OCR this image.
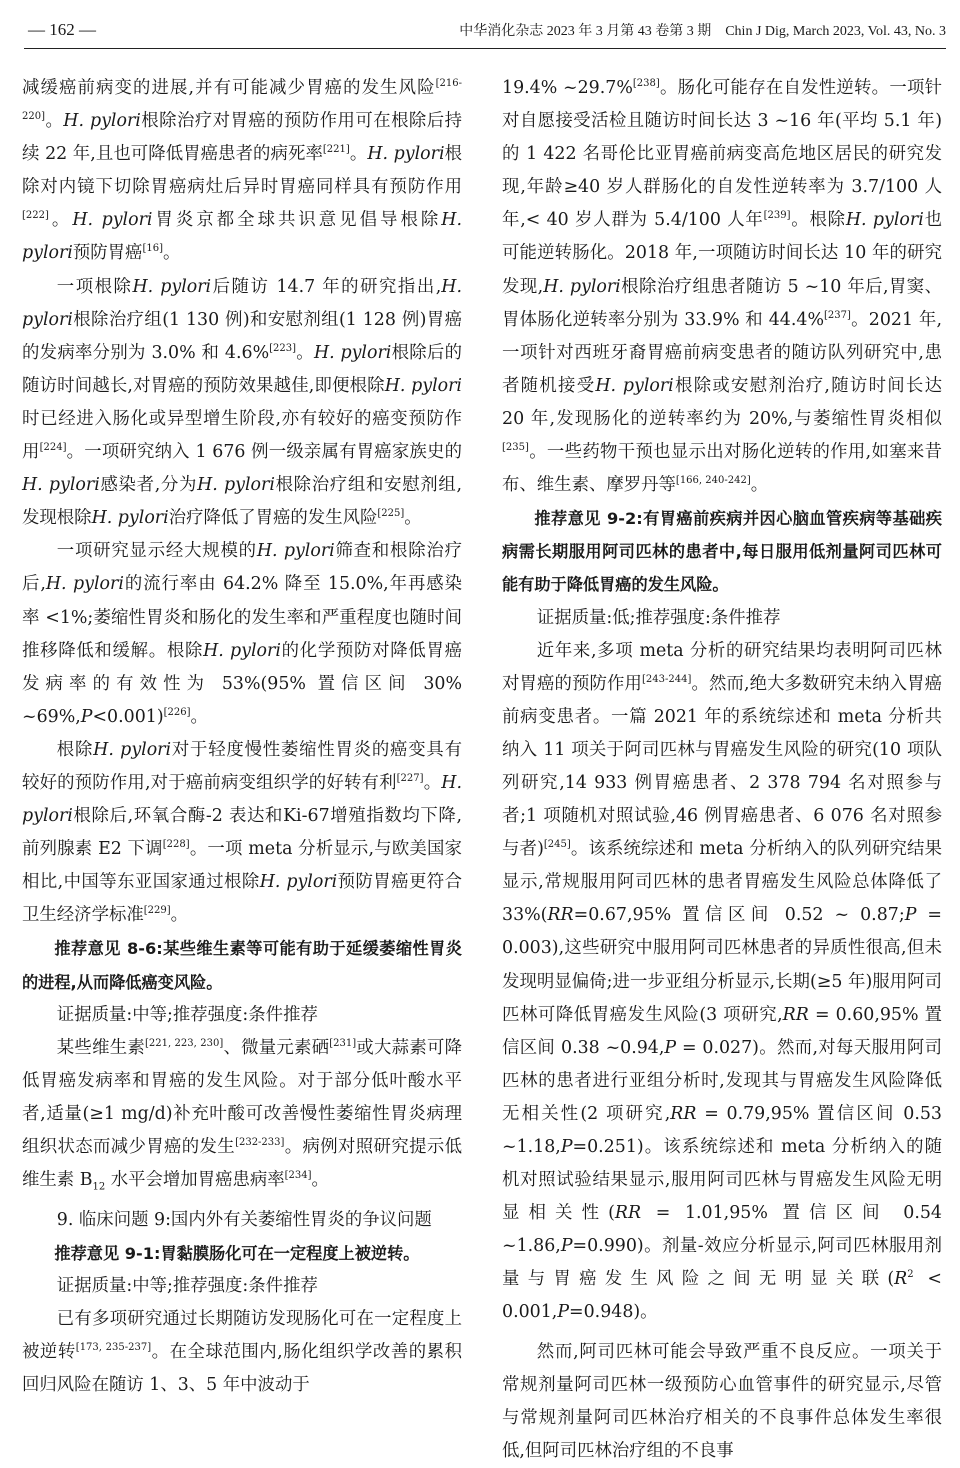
— 162 —	中华消化杂志 2023 年 3 月第 43 卷第 3 期　Chin J Dig, March 2023, Vol. 43, No. 3

减缓癌前病变的进展,并有可能减少胃癌的发生风险[216-220]。H. pylori根除治疗对胃癌的预防作用可在根除后持续 22 年,且也可降低胃癌患者的病死率[221]。H. pylori根除对内镜下切除胃癌病灶后异时胃癌同样具有预防作用[222]。H. pylori胃炎京都全球共识意见倡导根除H. pylori预防胃癌[16]。

一项根除H. pylori后随访 14.7 年的研究指出,H. pylori根除治疗组(1 130 例)和安慰剂组(1 128 例)胃癌的发病率分别为 3.0% 和 4.6%[223]。H. pylori根除后的随访时间越长,对胃癌的预防效果越佳,即便根除H. pylori时已经进入肠化或异型增生阶段,亦有较好的癌变预防作用[224]。一项研究纳入 1 676 例一级亲属有胃癌家族史的H. pylori感染者,分为H. pylori根除治疗组和安慰剂组,发现根除H. pylori治疗降低了胃癌的发生风险[225]。

一项研究显示经大规模的H. pylori筛查和根除治疗后,H. pylori的流行率由 64.2% 降至 15.0%,年再感染率 <1%;萎缩性胃炎和肠化的发生率和严重程度也随时间推移降低和缓解。根除H. pylori的化学预防对降低胃癌发病率的有效性为 53%(95% 置信区间 30% ~69%,P<0.001)[226]。

根除H. pylori对于轻度慢性萎缩性胃炎的癌变具有较好的预防作用,对于癌前病变组织学的好转有利[227]。H. pylori根除后,环氧合酶-2 表达和Ki-67增殖指数均下降,前列腺素 E2 下调[228]。一项 meta 分析显示,与欧美国家相比,中国等东亚国家通过根除H. pylori预防胃癌更符合卫生经济学标准[229]。

推荐意见 8-6:某些维生素等可能有助于延缓萎缩性胃炎的进程,从而降低癌变风险。

证据质量:中等;推荐强度:条件推荐

某些维生素[221, 223, 230]、微量元素硒[231]或大蒜素可降低胃癌发病率和胃癌的发生风险。对于部分低叶酸水平者,适量(≥1 mg/d)补充叶酸可改善慢性萎缩性胃炎病理组织状态而减少胃癌的发生[232-233]。病例对照研究提示低维生素 $B_{12}$ 水平会增加胃癌患病率[234]。

9. 临床问题 9:国内外有关萎缩性胃炎的争议问题

推荐意见 9-1:胃黏膜肠化可在一定程度上被逆转。

证据质量:中等;推荐强度:条件推荐

已有多项研究通过长期随访发现肠化可在一定程度上被逆转[173, 235-237]。在全球范围内,肠化组织学改善的累积回归风险在随访 1、3、5 年中波动于

19.4% ~29.7%[238]。肠化可能存在自发性逆转。一项针对自愿接受活检且随访时间长达 3 ~16 年(平均 5.1 年)的 1 422 名哥伦比亚胃癌前病变高危地区居民的研究发现,年龄≥40 岁人群肠化的自发性逆转率为 3.7/100 人年,< 40 岁人群为 5.4/100 人年[239]。根除H. pylori也可能逆转肠化。2018 年,一项随访时间长达 10 年的研究发现,H. pylori根除治疗组患者随访 5 ~10 年后,胃窦、胃体肠化逆转率分别为 33.9% 和 44.4%[237]。2021 年,一项针对西班牙裔胃癌前病变患者的随访队列研究中,患者随机接受H. pylori根除或安慰剂治疗,随访时间长达 20 年,发现肠化的逆转率约为 20%,与萎缩性胃炎相似[235]。一些药物干预也显示出对肠化逆转的作用,如塞来昔布、维生素、摩罗丹等[166, 240-242]。

推荐意见 9-2:有胃癌前疾病并因心脑血管疾病等基础疾病需长期服用阿司匹林的患者中,每日服用低剂量阿司匹林可能有助于降低胃癌的发生风险。

证据质量:低;推荐强度:条件推荐

近年来,多项 meta 分析的研究结果均表明阿司匹林对胃癌的预防作用[243-244]。然而,绝大多数研究未纳入胃癌前病变患者。一篇 2021 年的系统综述和 meta 分析共纳入 11 项关于阿司匹林与胃癌发生风险的研究(10 项队列研究,14 933 例胃癌患者、2 378 794 名对照参与者;1 项随机对照试验,46 例胃癌患者、6 076 名对照参与者)[245]。该系统综述和 meta 分析纳入的队列研究结果显示,常规服用阿司匹林的患者胃癌发生风险总体降低了 33%(RR=0.67,95% 置信区间 0.52 ~ 0.87;P = 0.003),这些研究中服用阿司匹林患者的异质性很高,但未发现明显偏倚;进一步亚组分析显示,长期(≥5 年)服用阿司匹林可降低胃癌发生风险(3 项研究,RR = 0.60,95% 置信区间 0.38 ~0.94,P = 0.027)。然而,对每天服用阿司匹林的患者进行亚组分析时,发现其与胃癌发生风险降低无相关性(2 项研究,RR = 0.79,95% 置信区间 0.53 ~1.18,P=0.251)。该系统综述和 meta 分析纳入的随机对照试验结果显示,服用阿司匹林与胃癌发生风险无明显相关性(RR = 1.01,95% 置信区间 0.54 ~1.86,P=0.990)。剂量-效应分析显示,阿司匹林服用剂量与胃癌发生风险之间无明显关联$(R^2 < 0.001,P=0.948)$。

然而,阿司匹林可能会导致严重不良反应。一项关于常规剂量阿司匹林一级预防心血管事件的研究显示,尽管与常规剂量阿司匹林治疗相关的不良事件总体发生率很低,但阿司匹林治疗组的不良事
